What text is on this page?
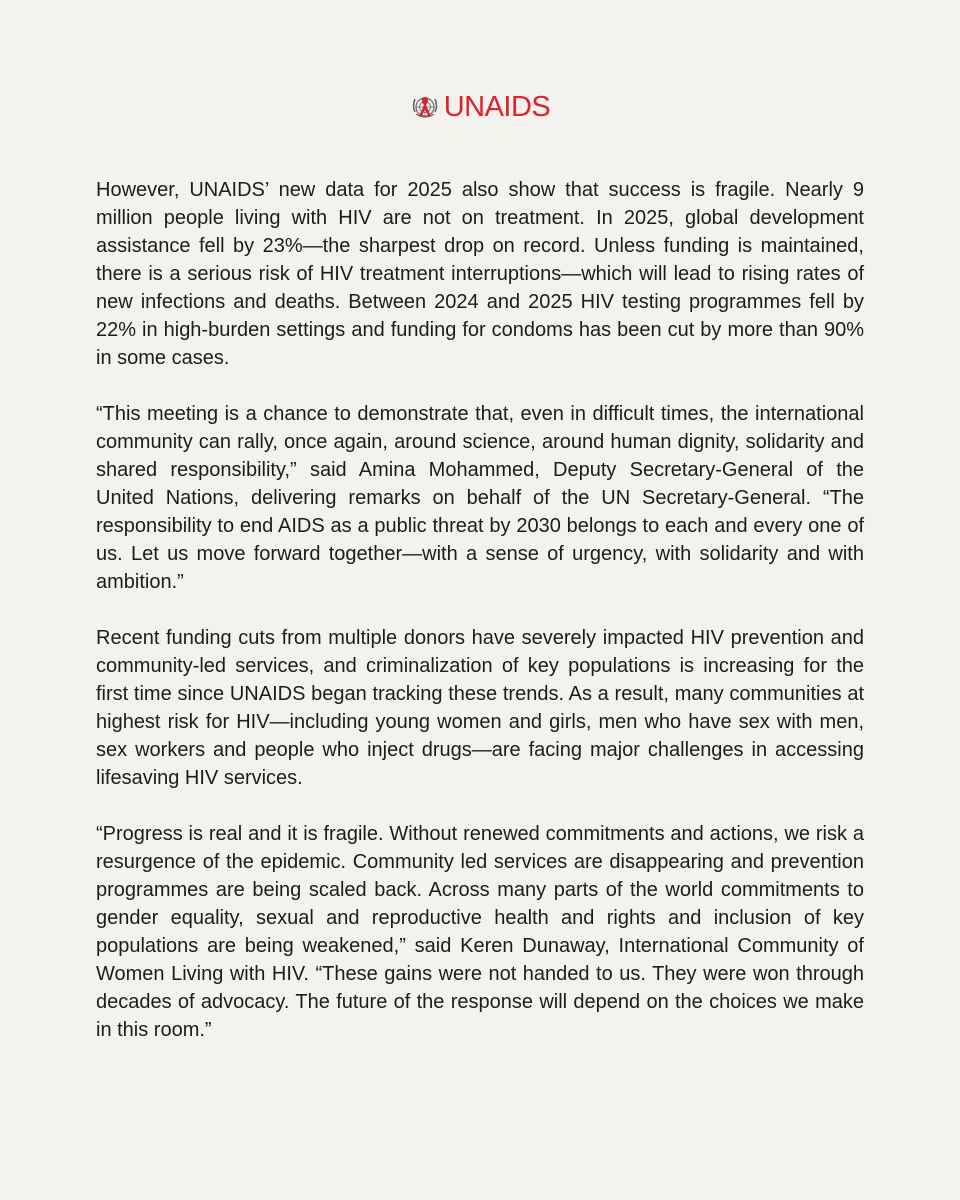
UNAIDS

However, UNAIDS’ new data for 2025 also show that success is fragile. Nearly 9 million people living with HIV are not on treatment. In 2025, global development assistance fell by 23%—the sharpest drop on record. Unless funding is maintained, there is a serious risk of HIV treatment interruptions—which will lead to rising rates of new infections and deaths. Between 2024 and 2025 HIV testing programmes fell by 22% in high-burden settings and funding for condoms has been cut by more than 90% in some cases.

“This meeting is a chance to demonstrate that, even in difficult times, the international community can rally, once again, around science, around human dignity, solidarity and shared responsibility,” said Amina Mohammed, Deputy Secretary-General of the United Nations, delivering remarks on behalf of the UN Secretary-General. “The responsibility to end AIDS as a public threat by 2030 belongs to each and every one of us. Let us move forward together—with a sense of urgency, with solidarity and with ambition.”

Recent funding cuts from multiple donors have severely impacted HIV prevention and community-led services, and criminalization of key populations is increasing for the first time since UNAIDS began tracking these trends. As a result, many communities at highest risk for HIV—including young women and girls, men who have sex with men, sex workers and people who inject drugs—are facing major challenges in accessing lifesaving HIV services.

“Progress is real and it is fragile. Without renewed commitments and actions, we risk a resurgence of the epidemic. Community led services are disappearing and prevention programmes are being scaled back. Across many parts of the world commitments to gender equality, sexual and reproductive health and rights and inclusion of key populations are being weakened,” said Keren Dunaway, International Community of Women Living with HIV. “These gains were not handed to us. They were won through decades of advocacy. The future of the response will depend on the choices we make in this room.”
